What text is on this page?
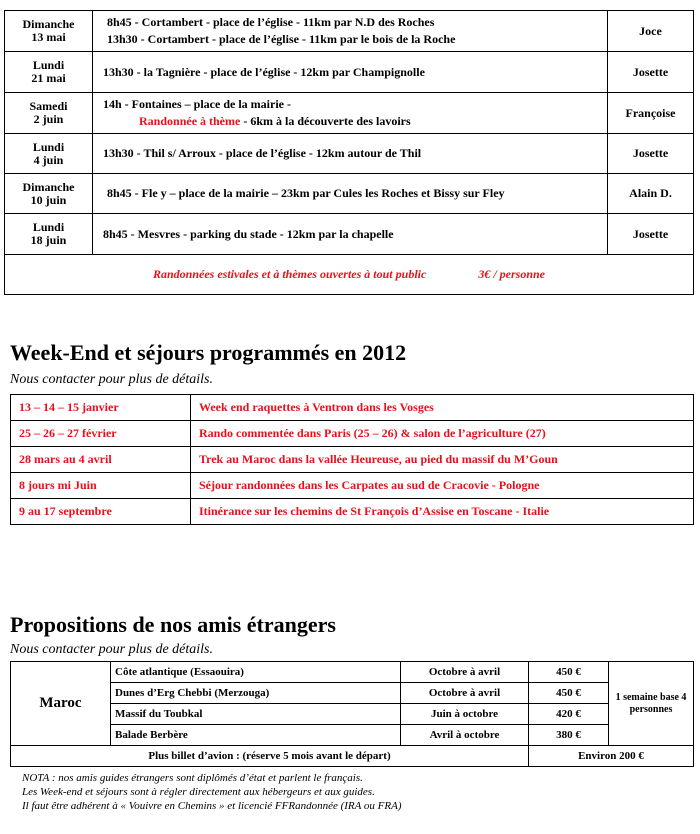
Dimanche
13 mai	8h45 - Cortambert - place de l’église - 11km par N.D des Roches
13h30 - Cortambert - place de l’église - 11km par le bois de la Roche	Joce
Lundi
21 mai	13h30 - la Tagnière - place de l’église - 12km par Champignolle	Josette
Samedi
2 juin	14h - Fontaines – place de la mairie -
Randonnée à thème - 6km à la découverte des lavoirs	Françoise
Lundi
4 juin	13h30 - Thil s/ Arroux - place de l’église - 12km autour de Thil	Josette
Dimanche
10 juin	8h45 - Fle y – place de la mairie – 23km par Cules les Roches et Bissy sur Fley	Alain D.
Lundi
18 juin	8h45 - Mesvres - parking du stade - 12km par la chapelle	Josette
Randonnées estivales et à thèmes ouvertes à tout public 3€ / personne		
Week-End et séjours programmés en 2012
Nous contacter pour plus de détails.
13 – 14 – 15 janvier	Week end raquettes à Ventron dans les Vosges
25 – 26 – 27 février	Rando commentée dans Paris (25 – 26) & salon de l’agriculture (27)
28 mars au 4 avril	Trek au Maroc dans la vallée Heureuse, au pied du massif du M’Goun
8 jours mi Juin	Séjour randonnées dans les Carpates au sud de Cracovie - Pologne
9 au 17 septembre	Itinérance sur les chemins de St François d’Assise en Toscane - Italie
Propositions de nos amis étrangers
Nous contacter pour plus de détails.
Maroc	Côte atlantique (Essaouira)	Octobre à avril	450 €	1 semaine base 4 personnes
	Dunes d’Erg Chebbi (Merzouga)	Octobre à avril	450 €	
	Massif du Toubkal	Juin à octobre	420 €	
	Balade Berbère	Avril à octobre	380 €	
Plus billet d’avion : (réserve 5 mois avant le départ)			Environ 200 €	
NOTA : nos amis guides étrangers sont diplômés d’état et parlent le français.
Les Week-end et séjours sont à régler directement aux hébergeurs et aux guides.
Il faut être adhérent à « Vouivre en Chemins » et licencié FFRandonnée (IRA ou FRA)
